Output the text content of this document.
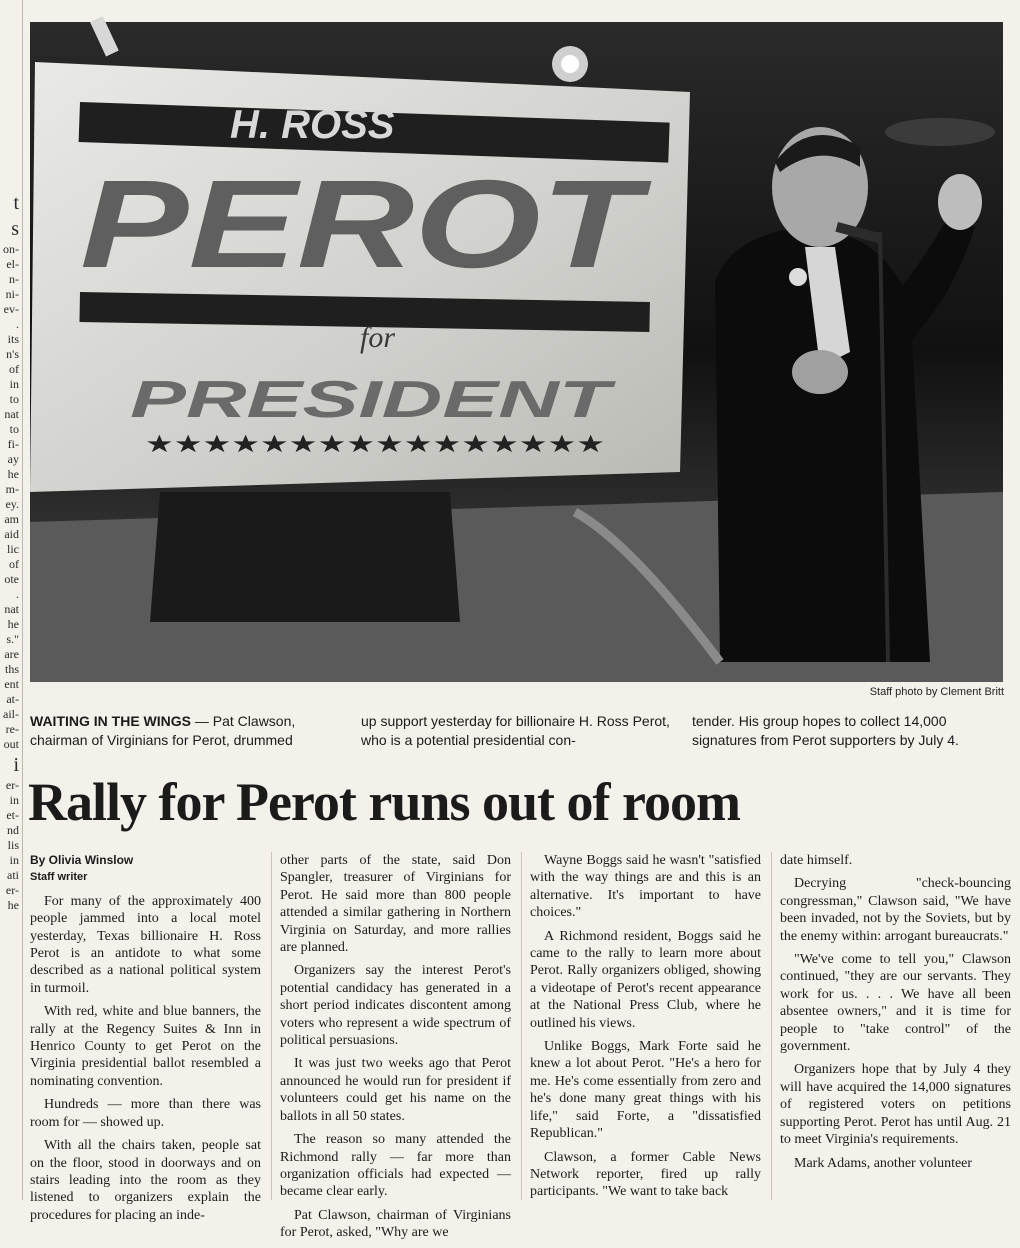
t
s
on-
el-
n-
ni-
ev-
.
its
n's
of
in
to
nat
to
fi-
ay
he
m-
ey.
am
aid
lic
of
ote
.
nat
he
s."
are
ths
ent
at-
ail-
re-
out
i
er-
in
et-
nd
lis
in
ati
er-
he
H. ROSS
PEROT
for
PRESIDENT
★★★★★★★★★★★★★★★★
Staff photo by Clement Britt
WAITING IN THE WINGS — Pat Clawson, chairman of Virginians for Perot, drummed
up support yesterday for billionaire H. Ross Perot, who is a potential presidential con-
tender. His group hopes to collect 14,000 signatures from Perot supporters by July 4.
Rally for Perot runs out of room
By Olivia Winslow
Staff writer

For many of the approximately 400 people jammed into a local motel yesterday, Texas billionaire H. Ross Perot is an antidote to what some described as a national political system in turmoil.

With red, white and blue banners, the rally at the Regency Suites & Inn in Henrico County to get Perot on the Virginia presidential ballot resembled a nominating convention.

Hundreds — more than there was room for — showed up.

With all the chairs taken, people sat on the floor, stood in doorways and on stairs leading into the room as they listened to organizers explain the procedures for placing an inde-

other parts of the state, said Don Spangler, treasurer of Virginians for Perot. He said more than 800 people attended a similar gathering in Northern Virginia on Saturday, and more rallies are planned.

Organizers say the interest Perot's potential candidacy has generated in a short period indicates discontent among voters who represent a wide spectrum of political persuasions.

It was just two weeks ago that Perot announced he would run for president if volunteers could get his name on the ballots in all 50 states.

The reason so many attended the Richmond rally — far more than organization officials had expected — became clear early.

Pat Clawson, chairman of Virginians for Perot, asked, "Why are we

Wayne Boggs said he wasn't "satisfied with the way things are and this is an alternative. It's important to have choices."

A Richmond resident, Boggs said he came to the rally to learn more about Perot. Rally organizers obliged, showing a videotape of Perot's recent appearance at the National Press Club, where he outlined his views.

Unlike Boggs, Mark Forte said he knew a lot about Perot. "He's a hero for me. He's come essentially from zero and he's done many great things with his life," said Forte, a "dissatisfied Republican."

Clawson, a former Cable News Network reporter, fired up rally participants. "We want to take back

date himself.

Decrying "check-bouncing congressman," Clawson said, "We have been invaded, not by the Soviets, but by the enemy within: arrogant bureaucrats."

"We've come to tell you," Clawson continued, "they are our servants. They work for us. . . . We have all been absentee owners," and it is time for people to "take control" of the government.

Organizers hope that by July 4 they will have acquired the 14,000 signatures of registered voters on petitions supporting Perot. Perot has until Aug. 21 to meet Virginia's requirements.

Mark Adams, another volunteer
